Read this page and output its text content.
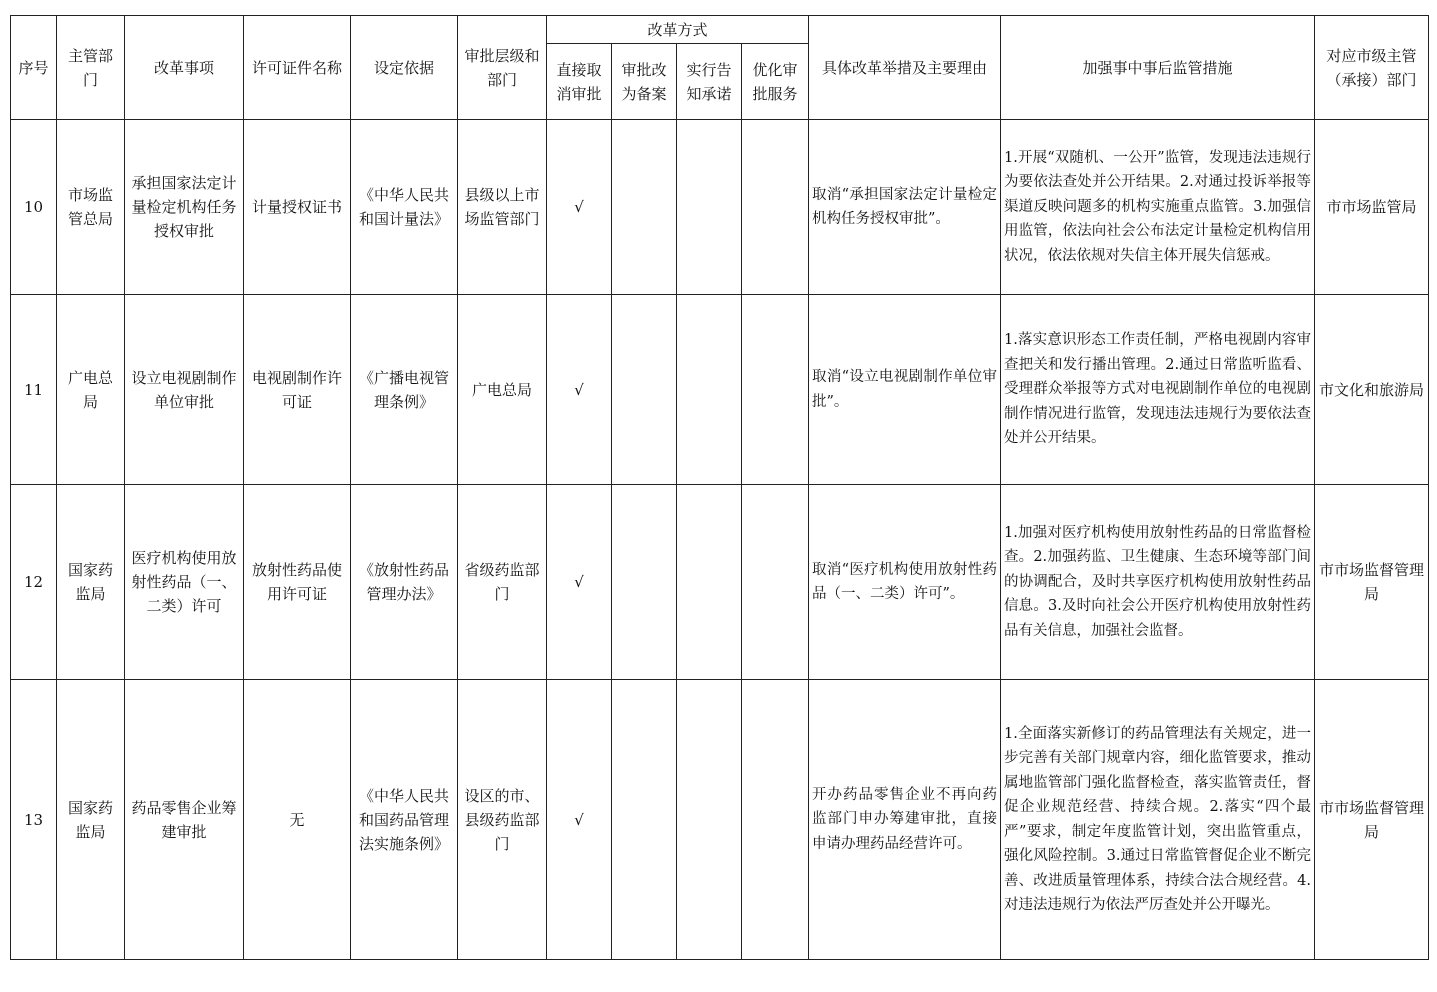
序号	主管部门	改革事项	许可证件名称	设定依据	审批层级和部门	改革方式				具体改革举措及主要理由	加强事中事后监管措施	对应市级主管（承接）部门
						直接取消审批	审批改为备案	实行告知承诺	优化审批服务			
10	市场监管总局	承担国家法定计量检定机构任务授权审批	计量授权证书	《中华人民共和国计量法》	县级以上市场监管部门	√				取消“承担国家法定计量检定机构任务授权审批”。	1.开展“双随机、一公开”监管，发现违法违规行为要依法查处并公开结果。2.对通过投诉举报等渠道反映问题多的机构实施重点监管。3.加强信用监管，依法向社会公布法定计量检定机构信用状况，依法依规对失信主体开展失信惩戒。	市市场监管局
11	广电总局	设立电视剧制作单位审批	电视剧制作许可证	《广播电视管理条例》	广电总局	√				取消“设立电视剧制作单位审批”。	1.落实意识形态工作责任制，严格电视剧内容审查把关和发行播出管理。2.通过日常监听监看、受理群众举报等方式对电视剧制作单位的电视剧制作情况进行监管，发现违法违规行为要依法查处并公开结果。	市文化和旅游局
12	国家药监局	医疗机构使用放射性药品（一、二类）许可	放射性药品使用许可证	《放射性药品管理办法》	省级药监部门	√				取消“医疗机构使用放射性药品（一、二类）许可”。	1.加强对医疗机构使用放射性药品的日常监督检查。2.加强药监、卫生健康、生态环境等部门间的协调配合，及时共享医疗机构使用放射性药品信息。3.及时向社会公开医疗机构使用放射性药品有关信息，加强社会监督。	市市场监督管理局
13	国家药监局	药品零售企业筹建审批	无	《中华人民共和国药品管理法实施条例》	设区的市、县级药监部门	√				开办药品零售企业不再向药监部门申办筹建审批，直接申请办理药品经营许可。	1.全面落实新修订的药品管理法有关规定，进一步完善有关部门规章内容，细化监管要求，推动属地监管部门强化监督检查，落实监管责任，督促企业规范经营、持续合规。2.落实“四个最严”要求，制定年度监管计划，突出监管重点，强化风险控制。3.通过日常监管督促企业不断完善、改进质量管理体系，持续合法合规经营。4.对违法违规行为依法严厉查处并公开曝光。	市市场监督管理局
